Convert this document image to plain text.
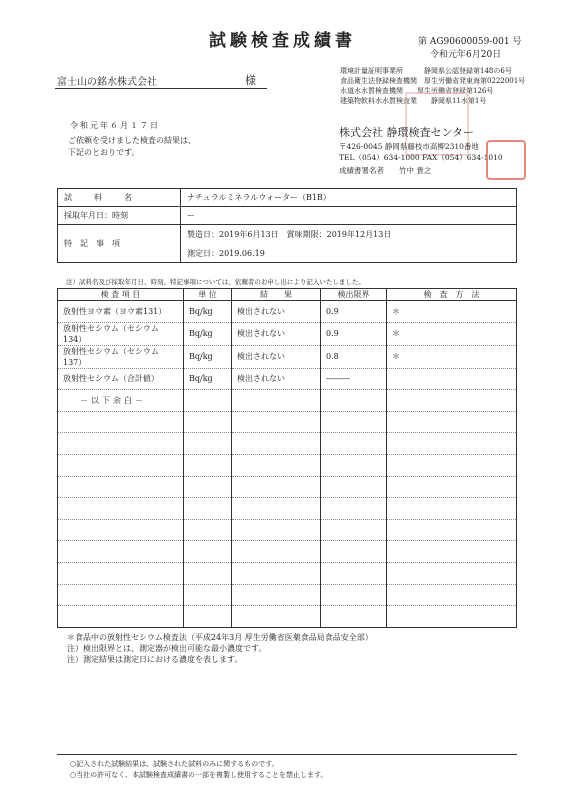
試験検査成績書	第 AG90600059-001 号
令和元年6月20日
富士山の銘水株式会社	様
環境計量証明事業所　　　静岡県公認登録第148の6号
食品衛生法登録検査機関　厚生労働省発東海第0222001号
水道水水質検査機関　　厚生労働省登録第126号
建築物飲料水水質検査業　　静岡県11水第1号
令和元年６月１７日
ご依頼を受けました検査の結果は、
下記のとおりです。
株式会社 静環検査センター
〒426-0045 静岡県藤枝市高柳2310番地
TEL（054）634-1000 FAX（054）634-1010
成績書署名者　　竹中 貴之
試　　料　　名	ナチュラルミネラルウォーター（B1B）
採取年月日：時刻	ー
特　記　事　項	製造日：2019年6月13日　賞味期限：2019年12月13日
測定日：2019.06.19
注）試料名及び採取年月日、時刻、特記事項については、依頼者のお申し出により記入いたしました。
検 査 項 目	単 位	結　　果	検出限界	検　査　方　法
放射性ヨウ素（ヨウ素131）	Bq/kg	検出されない	0.9	＊
放射性セシウム（セシウム134）	Bq/kg	検出されない	0.9	＊
放射性セシウム（セシウム137）	Bq/kg	検出されない	0.8	＊
放射性セシウム（合計値）	Bq/kg	検出されない	―――	
－以下余白－				

＊食品中の放射性セシウム検査法（平成24年3月 厚生労働省医薬食品局食品安全部）
注）検出限界とは、測定器が検出可能な最小濃度です。
注）測定結果は測定日における濃度を表します。
○記入された試験結果は、試験された試料のみに関するものです。
○当社の許可なく、本試験検査成績書の一部を複製し使用することを禁止します。
